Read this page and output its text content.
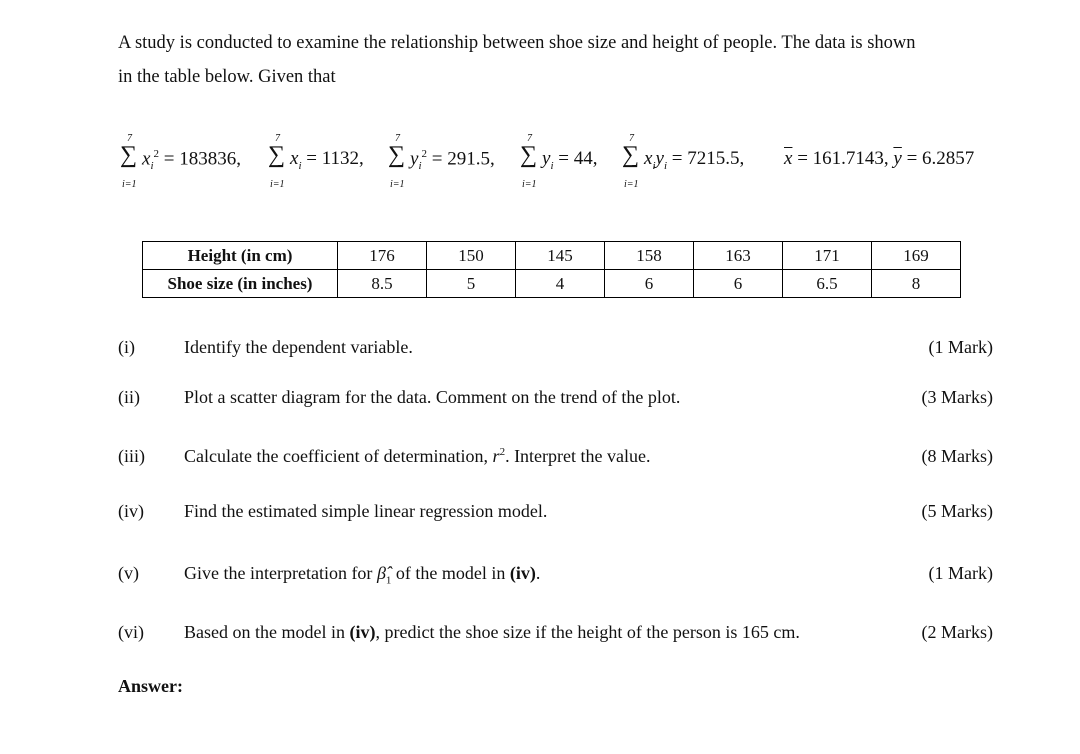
A study is conducted to examine the relationship between shoe size and height of people. The data is shown
in the table below. Given that
7
∑
i=1
$x_i^2 = 183836$,
7
∑
i=1
$x_i = 1132$,
7
∑
i=1
$y_i^2 = 291.5$,
7
∑
i=1
$y_i = 44$,
7
∑
i=1
$x_iy_i = 7215.5$, $\overline{x} = 161.7143$, $\overline{y} = 6.2857$
Height (in cm)	176	150	145	158	163	171	169
Shoe size (in inches)	8.5	5	4	6	6	6.5	8
(i)	Identify the dependent variable.	(1 Mark)
(ii) Plot a scatter diagram for the data. Comment on the trend of the plot.	(3 Marks)
(iii) Calculate the coefficient of determination, $r^2$. Interpret the value.	(8 Marks)
(iv) Find the estimated simple linear regression model.	(5 Marks)
(v)	Give the interpretation for $\betâ_1$ of the model in (iv).	(1 Mark)
(vi) Based on the model in (iv), predict the shoe size if the height of the person is 165 cm.	(2 Marks)
Answer:
